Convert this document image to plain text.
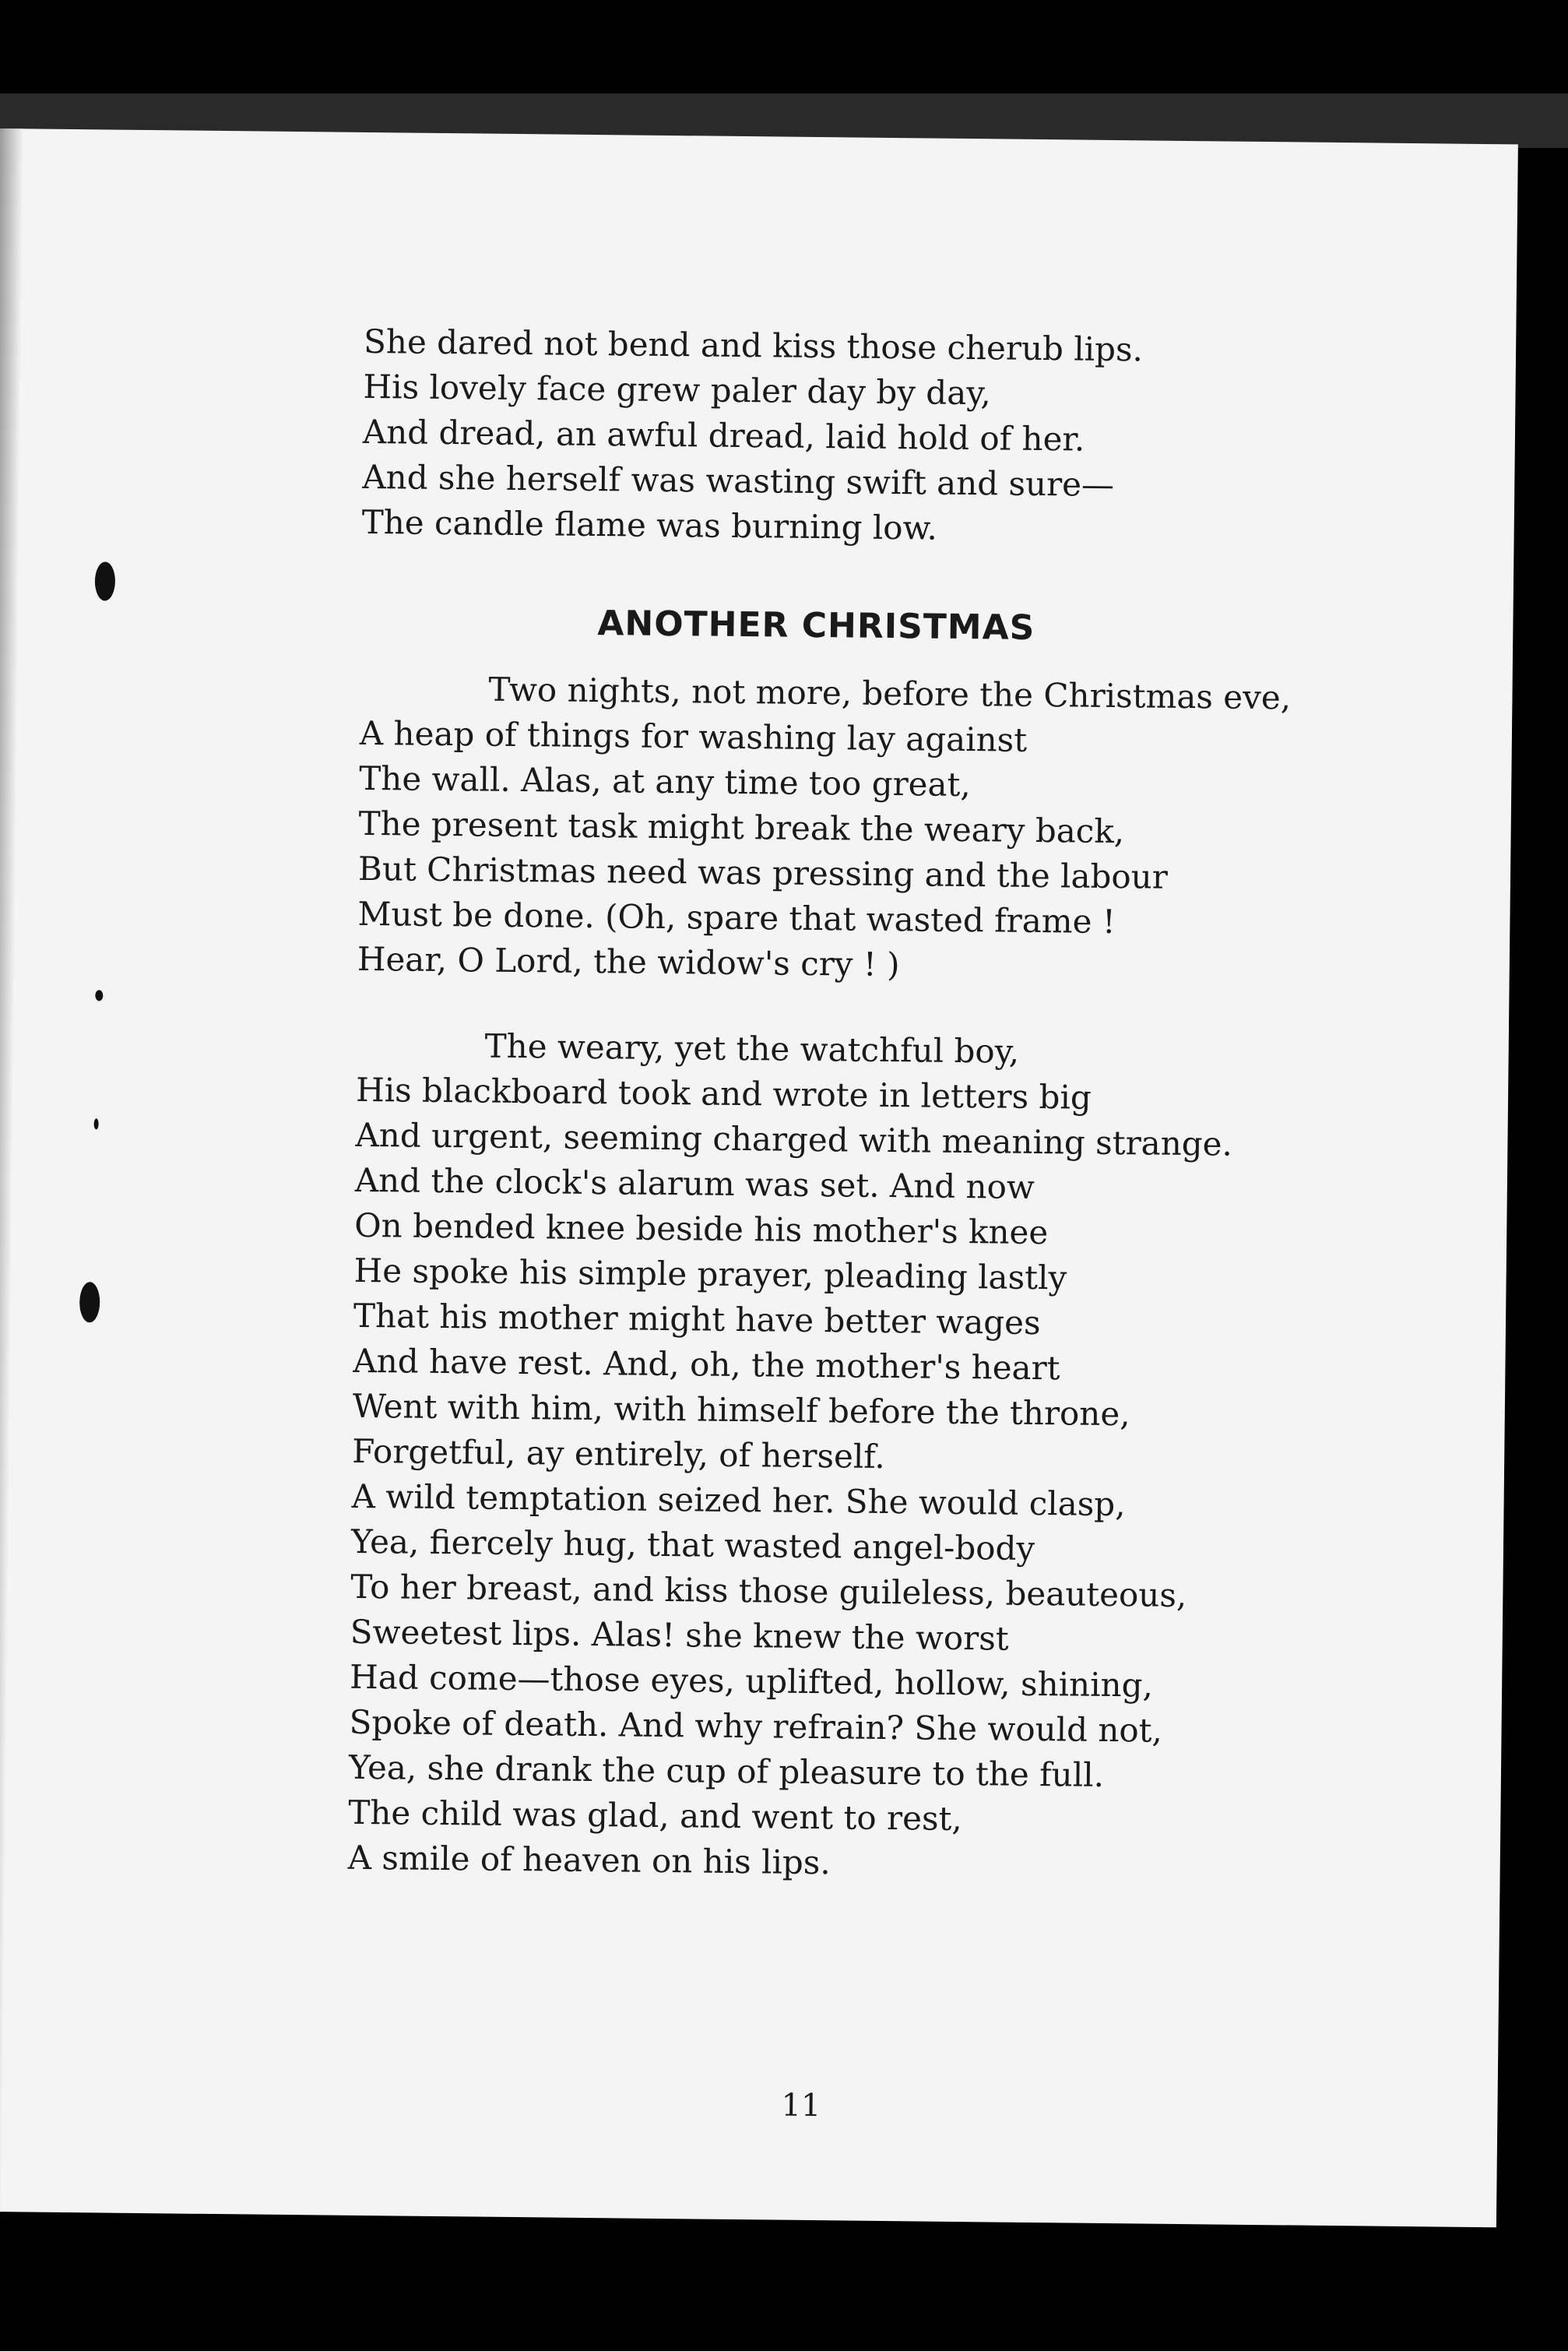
She dared not bend and kiss those cherub lips.
His lovely face grew paler day by day,
And dread, an awful dread, laid hold of her.
And she herself was wasting swift and sure—
The candle flame was burning low.
ANOTHER CHRISTMAS
Two nights, not more, before the Christmas eve,
A heap of things for washing lay against
The wall. Alas, at any time too great,
The present task might break the weary back,
But Christmas need was pressing and the labour
Must be done. (Oh, spare that wasted frame !
Hear, O Lord, the widow's cry ! )
The weary, yet the watchful boy,
His blackboard took and wrote in letters big
And urgent, seeming charged with meaning strange.
And the clock's alarum was set. And now
On bended knee beside his mother's knee
He spoke his simple prayer, pleading lastly
That his mother might have better wages
And have rest. And, oh, the mother's heart
Went with him, with himself before the throne,
Forgetful, ay entirely, of herself.
A wild temptation seized her. She would clasp,
Yea, fiercely hug, that wasted angel-body
To her breast, and kiss those guileless, beauteous,
Sweetest lips. Alas! she knew the worst
Had come—those eyes, uplifted, hollow, shining,
Spoke of death. And why refrain? She would not,
Yea, she drank the cup of pleasure to the full.
The child was glad, and went to rest,
A smile of heaven on his lips.
11
